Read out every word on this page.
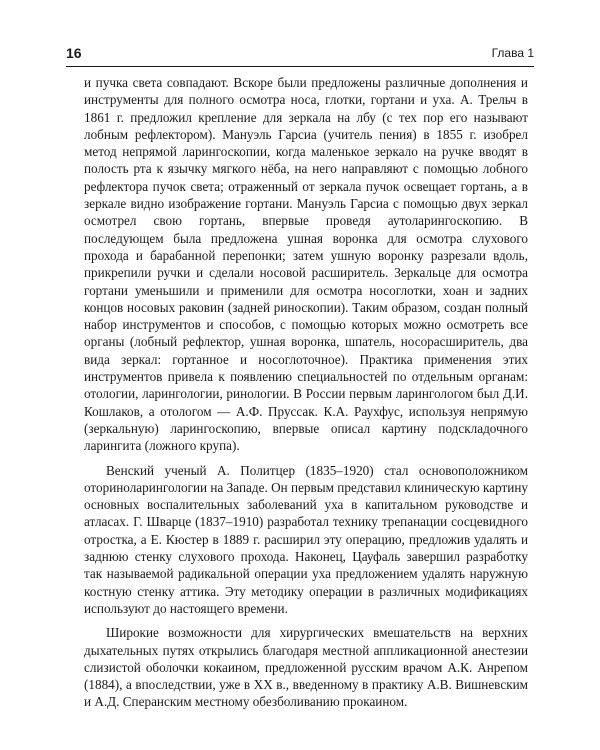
16	Глава 1

и пучка света совпадают. Вскоре были предложены различные дополнения и инструменты для полного осмотра носа, глотки, гортани и уха. А. Трельч в 1861 г. предложил крепление для зеркала на лбу (с тех пор его называют лобным рефлектором). Мануэль Гарсиа (учитель пения) в 1855 г. изобрел метод непрямой ларингоскопии, когда маленькое зеркало на ручке вводят в полость рта к язычку мягкого нёба, на него направляют с помощью лобного рефлектора пучок света; отраженный от зеркала пучок освещает гортань, а в зеркале видно изображение гортани. Мануэль Гарсиа с помощью двух зеркал осмотрел свою гортань, впервые проведя аутоларингоскопию. В последующем была предложена ушная воронка для осмотра слухового прохода и барабанной перепонки; затем ушную воронку разрезали вдоль, прикрепили ручки и сделали носовой расширитель. Зеркальце для осмотра гортани уменьшили и применили для осмотра носоглотки, хоан и задних концов носовых раковин (задней риноскопии). Таким образом, создан полный набор инструментов и способов, с помощью которых можно осмотреть все органы (лобный рефлектор, ушная воронка, шпатель, носорасширитель, два вида зеркал: гортанное и носоглоточное). Практика применения этих инструментов привела к появлению специальностей по отдельным органам: отологии, ларингологии, ринологии. В России первым ларингологом был Д.И. Кошлаков, а отологом — А.Ф. Пруссак. К.А. Раухфус, используя непрямую (зеркальную) ларингоскопию, впервые описал картину подскладочного ларингита (ложного крупа).

Венский ученый А. Политцер (1835–1920) стал основоположником оториноларингологии на Западе. Он первым представил клиническую картину основных воспалительных заболеваний уха в капитальном руководстве и атласах. Г. Шварце (1837–1910) разработал технику трепанации сосцевидного отростка, а Е. Кюстер в 1889 г. расширил эту операцию, предложив удалять и заднюю стенку слухового прохода. Наконец, Цауфаль завершил разработку так называемой радикальной операции уха предложением удалять наружную костную стенку аттика. Эту методику операции в различных модификациях используют до настоящего времени.

Широкие возможности для хирургических вмешательств на верхних дыхательных путях открылись благодаря местной аппликационной анестезии слизистой оболочки кокаином, предложенной русским врачом А.К. Анрепом (1884), а впоследствии, уже в XX в., введенному в практику А.В. Вишневским и А.Д. Сперанским местному обезболиванию прокаином.
